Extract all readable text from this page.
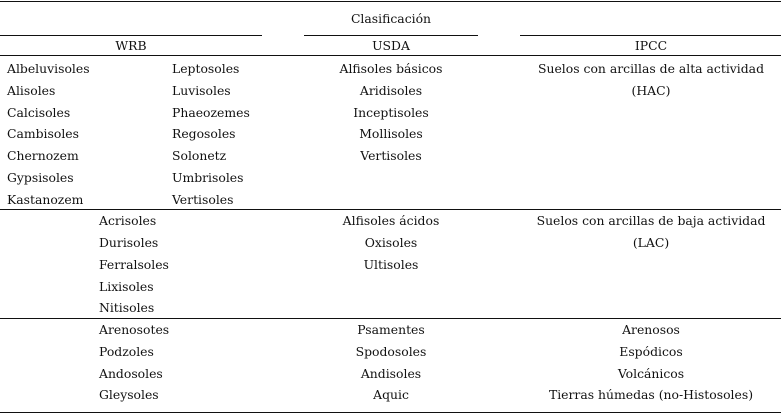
Clasificación
WRB	USDA	IPCC
Albeluvisoles
Alisoles
Calcisoles
Cambisoles
Chernozem
Gypsisoles
Kastanozem
Leptosoles
Luvisoles
Phaeozemes
Regosoles
Solonetz
Umbrisoles
Vertisoles
Alfisoles básicos
Aridisoles
Inceptisoles
Mollisoles
Vertisoles
Suelos con arcillas de alta actividad
(HAC)
Acrisoles
Durisoles
Ferralsoles
Lixisoles
Nitisoles
Alfisoles ácidos
Oxisoles
Ultisoles
Suelos con arcillas de baja actividad
(LAC)
Arenosotes
Podzoles
Andosoles
Gleysoles
Psamentes
Spodosoles
Andisoles
Aquic
Arenosos
Espódicos
Volcánicos
Tierras húmedas (no-Histosoles)
